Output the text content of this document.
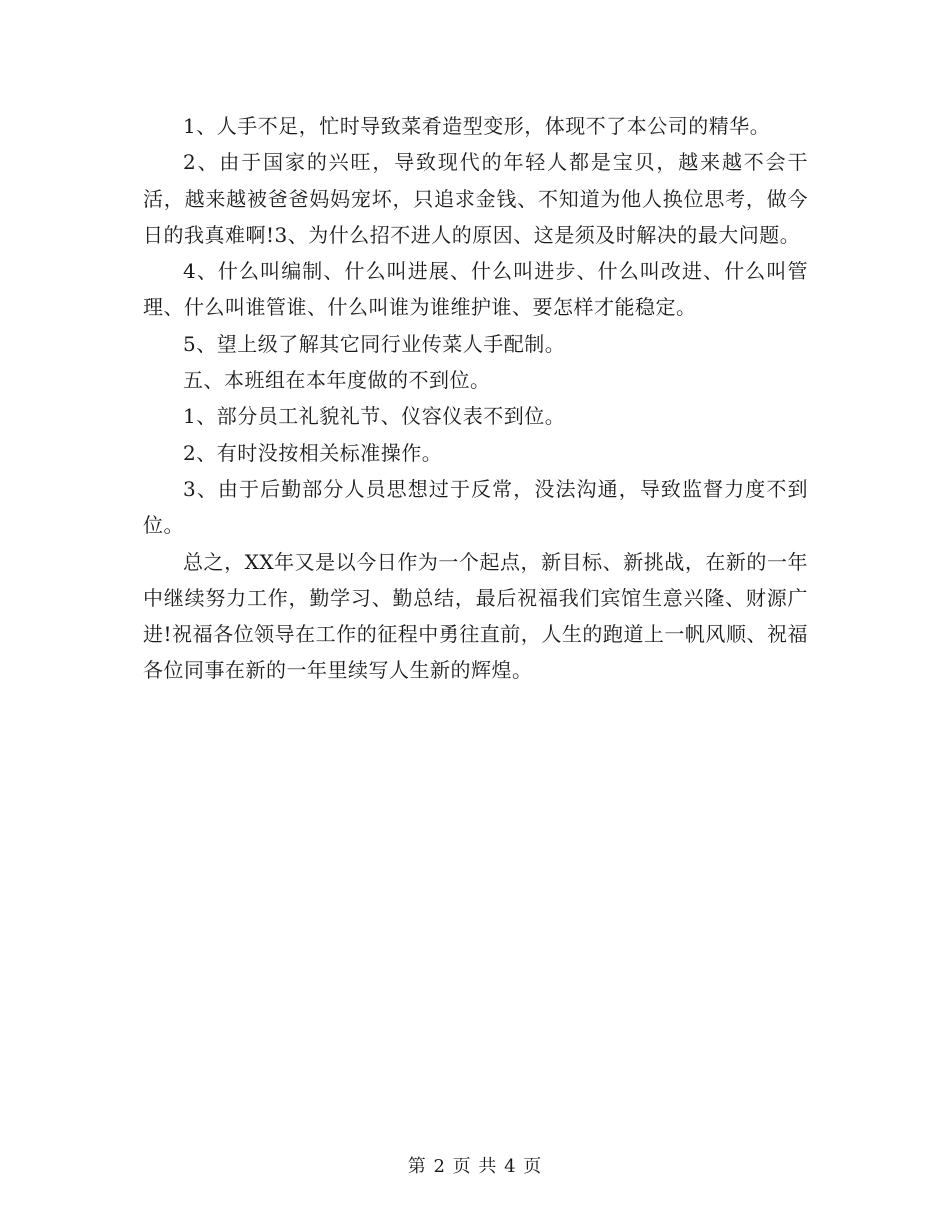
1、人手不足，忙时导致菜肴造型变形，体现不了本公司的精华。

2、由于国家的兴旺，导致现代的年轻人都是宝贝，越来越不会干活，越来越被爸爸妈妈宠坏，只追求金钱、不知道为他人换位思考，做今日的我真难啊!3、为什么招不进人的原因、这是须及时解决的最大问题。

4、什么叫编制、什么叫进展、什么叫进步、什么叫改进、什么叫管理、什么叫谁管谁、什么叫谁为谁维护谁、要怎样才能稳定。

5、望上级了解其它同行业传菜人手配制。

五、本班组在本年度做的不到位。

1、部分员工礼貌礼节、仪容仪表不到位。

2、有时没按相关标准操作。

3、由于后勤部分人员思想过于反常，没法沟通，导致监督力度不到位。

总之，XX年又是以今日作为一个起点，新目标、新挑战，在新的一年中继续努力工作，勤学习、勤总结，最后祝福我们宾馆生意兴隆、财源广进!祝福各位领导在工作的征程中勇往直前，人生的跑道上一帆风顺、祝福各位同事在新的一年里续写人生新的辉煌。

第 2 页 共 4 页
